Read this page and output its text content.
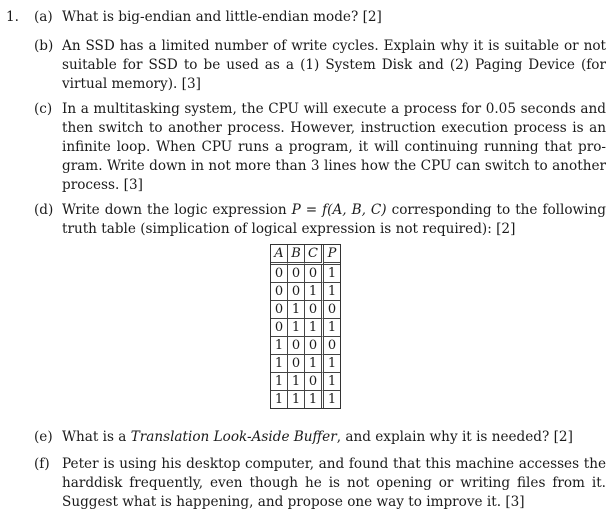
1. (a) What is big-endian and little-endian mode? [2]
(b) An SSD has a limited number of write cycles. Explain why it is suitable or not
suitable for SSD to be used as a (1) System Disk and (2) Paging Device (for
virtual memory). [3]
(c) In a multitasking system, the CPU will execute a process for 0.05 seconds and
then switch to another process. However, instruction execution process is an
infinite loop. When CPU runs a program, it will continuing running that pro-
gram. Write down in not more than 3 lines how the CPU can switch to another
process. [3]
(d) Write down the logic expression P = f(A, B, C) corresponding to the following
truth table (simplication of logical expression is not required): [2]
A	B	C	P
0	0	0	1
0	0	1	1
0	1	0	0
0	1	1	1
1	0	0	0
1	0	1	1
1	1	0	1
1	1	1	1
(e) What is a Translation Look-Aside Buffer, and explain why it is needed? [2]
(f) Peter is using his desktop computer, and found that this machine accesses the
harddisk frequently, even though he is not opening or writing files from it.
Suggest what is happening, and propose one way to improve it. [3]
